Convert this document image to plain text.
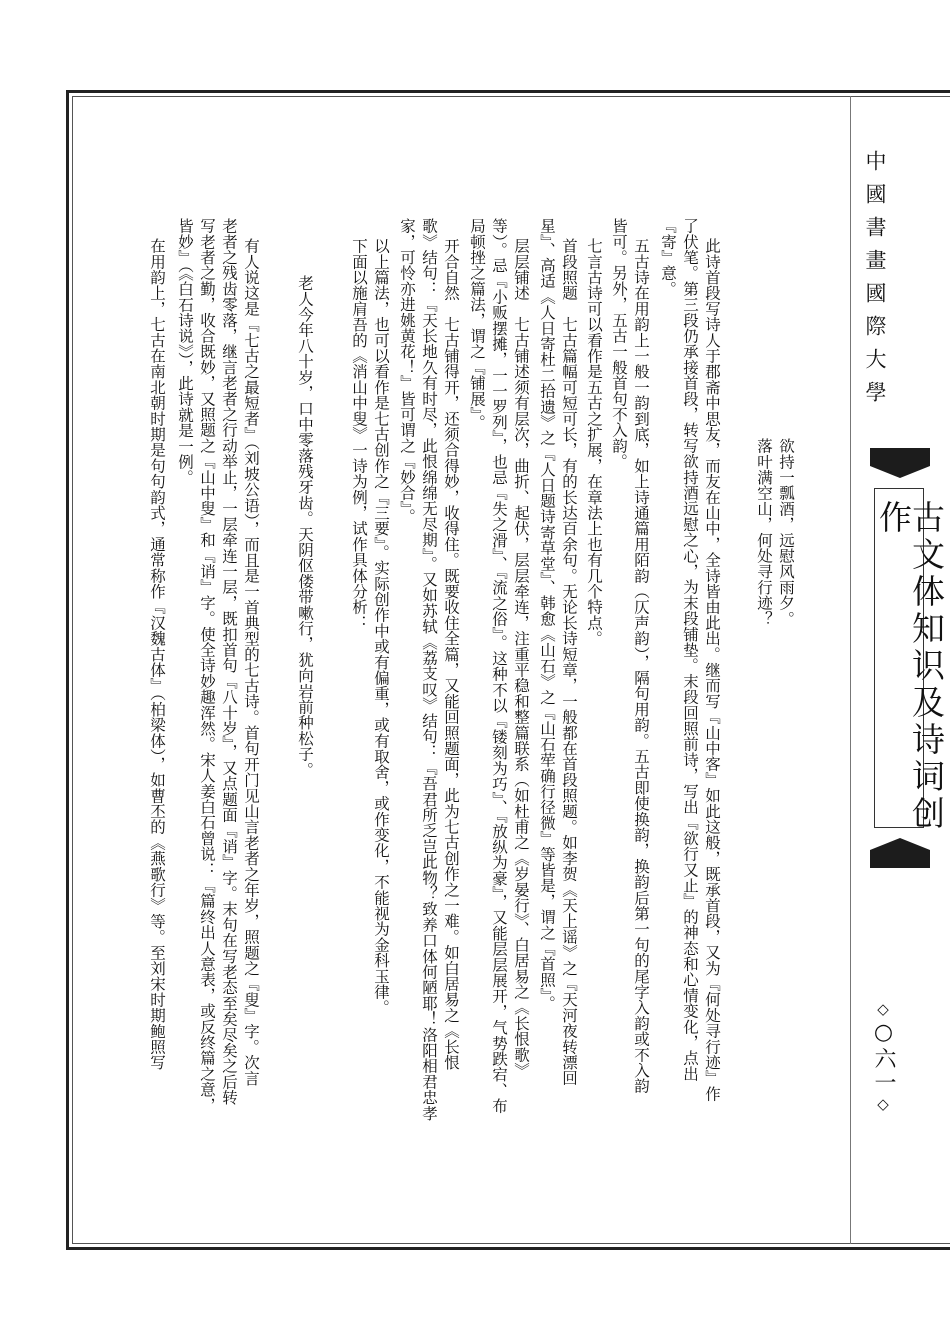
中國書畫國際大學
古文体知识及诗词创作
◇○六一◇
欲持一瓢酒，远慰风雨夕。
落叶满空山，何处寻行迹？
此诗首段写诗人于郡斋中思友，而友在山中，全诗皆由此出。继而写『山中客』如此这般，既承首段，又为『何处寻行迹』作
了伏笔。第三段仍承接首段，转写欲持酒远慰之心，为末段铺垫。末段回照前诗，写出『欲行又止』的神态和心情变化，点出
『寄』意。
五古诗在用韵上一般一韵到底，如上诗通篇用陌韵（仄声韵），隔句用韵。五古即使换韵，换韵后第一句的尾字入韵或不入韵
皆可。另外，五古一般首句不入韵。
七言古诗可以看作是五古之扩展，在章法上也有几个特点。
首段照题　七古篇幅可短可长，有的长达百余句。无论长诗短章，一般都在首段照题。如李贺《天上谣》之『天河夜转漂回
星』、高适《人日寄杜二拾遗》之『人日题诗寄草堂』、韩愈《山石》之『山石荦确行径微』等皆是，谓之『首照』。
层层铺述　七古铺述须有层次，曲折、起伏，层层牵连，注重平稳和整篇联系（如杜甫之《岁晏行》、白居易之《长恨歌》
等）。忌『小贩摆摊，一一罗列』，也忌『失之滑』、『流之俗』。这种不以『镂刻为巧』、『放纵为豪』，又能层层展开，气势跌宕、布
局顿挫之篇法，谓之『铺展』。
开合自然　七古铺得开，还须合得妙，收得住。既要收住全篇，又能回照题面，此为七古创作之一难。如白居易之《长恨
歌》结句：『天长地久有时尽，此恨绵绵无尽期』。又如苏轼《荔支叹》结句：『吾君所乏岂此物？致养口体何陋耶！洛阳相君忠孝
家，可怜亦进姚黄花！』皆可谓之『妙合』。
以上篇法，也可以看作是七古创作之『三要』。实际创作中或有偏重，或有取舍，或作变化，不能视为金科玉律。
下面以施肩吾的《消山中叟》一诗为例，试作具体分析：
老人今年八十岁，口中零落残牙齿。天阴伛偻带嗽行，犹向岩前种松子。
有人说这是『七古之最短者』（刘坡公语），而且是一首典型的七古诗。首句开门见山言老者之年岁，照题之『叟』字。次言
老者之残齿零落，继言老者之行动举止，一层牵连一层，既扣首句『八十岁』，又点题面『诮』字。末句在写老态至矣尽矣之后转
写老者之勤，收合既妙，又照题之『山中叟』和『诮』字。使全诗妙趣浑然。宋人姜白石曾说：『篇终出人意表，或反终篇之意，
皆妙』（《白石诗说》），此诗就是一例。
在用韵上，七古在南北朝时期是句句韵式，通常称作『汉魏古体』（柏梁体），如曹丕的《燕歌行》等。至刘宋时期鲍照写
